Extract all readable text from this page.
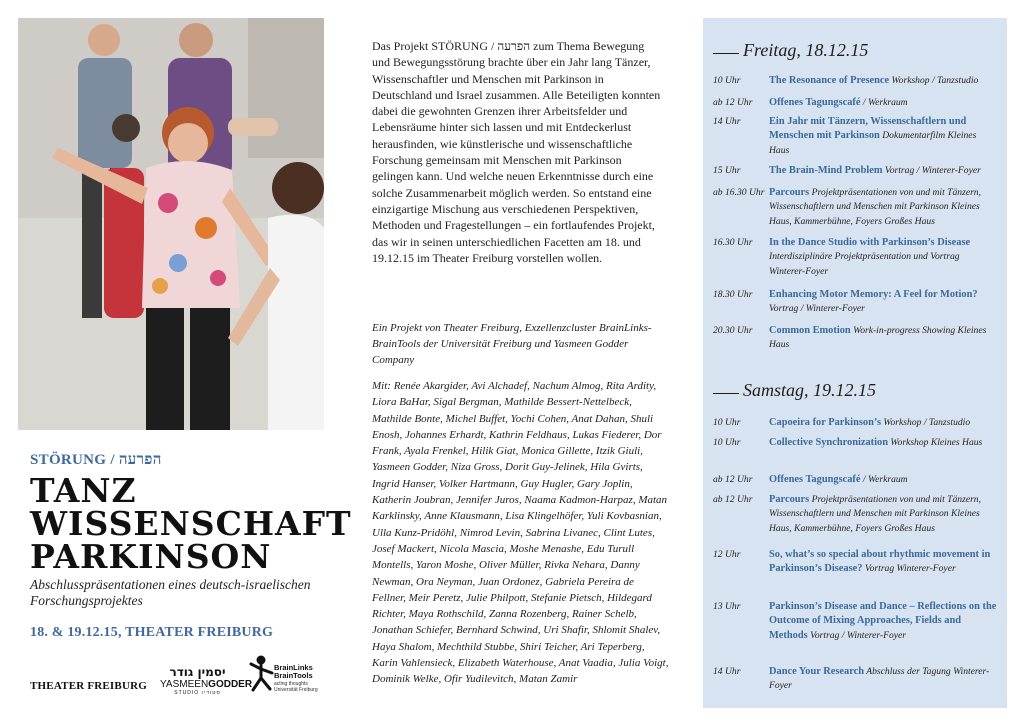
STÖRUNG / הפרעה
TANZ
WISSENSCHAFT
PARKINSON
Abschlusspräsentationen eines deutsch-israelischen Forschungsprojektes
18. & 19.12.15, THEATER FREIBURG
THEATER FREIBURG
יסמין גודר
YASMEENGODDER
STUDIO סטודיו
BrainLinks
BrainTools
acting thoughts
Universität Freiburg
Das Projekt STÖRUNG / הפרעה zum Thema Bewegung und Bewegungsstörung brachte über ein Jahr lang Tänzer, Wissenschaftler und Menschen mit Parkinson in Deutschland und Israel zusammen. Alle Beteiligten konnten dabei die gewohnten Grenzen ihrer Arbeitsfelder und Lebensräume hinter sich lassen und mit Entdeckerlust herausfinden, wie künstlerische und wissenschaftliche Forschung gemeinsam mit Menschen mit Parkinson gelingen kann. Und welche neuen Erkenntnisse durch eine solche Zusammenarbeit möglich werden. So entstand eine einzigartige Mischung aus verschiedenen Perspektiven, Methoden und Fragestellungen – ein fortlaufendes Projekt, das wir in seinen unterschiedlichen Facetten am 18. und 19.12.15 im Theater Freiburg vorstellen wollen.
Ein Projekt von Theater Freiburg, Exzellenzcluster BrainLinks-BrainTools der Universität Freiburg und Yasmeen Godder Company
Mit: Renée Akargider, Avi Alchadef, Nachum Almog, Rita Ardity, Liora BaHar, Sigal Bergman, Mathilde Bessert-Nettelbeck, Mathilde Bonte, Michel Buffet, Yochi Cohen, Anat Dahan, Shuli Enosh, Johannes Erhardt, Kathrin Feldhaus, Lukas Fiederer, Dor Frank, Ayala Frenkel, Hilik Giat, Monica Gillette, Itzik Giuli, Yasmeen Godder, Niza Gross, Dorit Guy-Jelinek, Hila Gvirts, Ingrid Hanser, Volker Hartmann, Guy Hugler, Gary Joplin, Katherin Joubran, Jennifer Juros, Naama Kadmon-Harpaz, Matan Karklinsky, Anne Klausmann, Lisa Klingelhöfer, Yuli Kovbasnian, Ulla Kunz-Pridöhl, Nimrod Levin, Sabrina Livanec, Clint Lutes, Josef Mackert, Nicola Mascia, Moshe Menashe, Edu Turull Montells, Yaron Moshe, Oliver Müller, Rivka Nehara, Danny Newman, Ora Neyman, Juan Ordonez, Gabriela Pereira de Fellner, Meir Peretz, Julie Philpott, Stefanie Pietsch, Hildegard Richter, Maya Rothschild, Zanna Rozenberg, Rainer Schelb, Jonathan Schiefer, Bernhard Schwind, Uri Shafir, Shlomit Shalev, Haya Shalom, Mechthild Stubbe, Shiri Teicher, Ari Teperberg, Karin Vahlensieck, Elizabeth Waterhouse, Anat Vaadia, Julia Voigt, Dominik Welke, Ofir Yudilevitch, Matan Zamir
Freitag, 18.12.15
10 Uhr	The Resonance of Presence Workshop / Tanzstudio
ab 12 Uhr	Offenes Tagungscafé / Werkraum
14 Uhr	Ein Jahr mit Tänzern, Wissenschaftlern und Menschen mit Parkinson Dokumentarfilm Kleines Haus
15 Uhr	The Brain-Mind Problem Vortrag / Winterer-Foyer
ab 16.30 Uhr Parcours Projektpräsentationen von und mit Tänzern, Wissenschaftlern und Menschen mit Parkinson Kleines Haus, Kammerbühne, Foyers Großes Haus
16.30 Uhr	In the Dance Studio with Parkinson’s Disease Interdisziplinäre Projektpräsentation und Vortrag Winterer-Foyer
18.30 Uhr	Enhancing Motor Memory: A Feel for Motion? Vortrag / Winterer-Foyer
20.30 Uhr	Common Emotion Work-in-progress Showing Kleines Haus
Samstag, 19.12.15
10 Uhr	Capoeira for Parkinson’s Workshop / Tanzstudio
10 Uhr	Collective Synchronization Workshop Kleines Haus
ab 12 Uhr	Offenes Tagungscafé / Werkraum
ab 12 Uhr	Parcours Projektpräsentationen von und mit Tänzern, Wissenschaftlern und Menschen mit Parkinson Kleines Haus, Kammerbühne, Foyers Großes Haus
12 Uhr	So, what’s so special about rhythmic movement in Parkinson’s Disease? Vortrag Winterer-Foyer
13 Uhr	Parkinson’s Disease and Dance – Reflections on the Outcome of Mixing Approaches, Fields and Methods Vortrag / Winterer-Foyer
14 Uhr	Dance Your Research Abschluss der Tagung Winterer-Foyer
